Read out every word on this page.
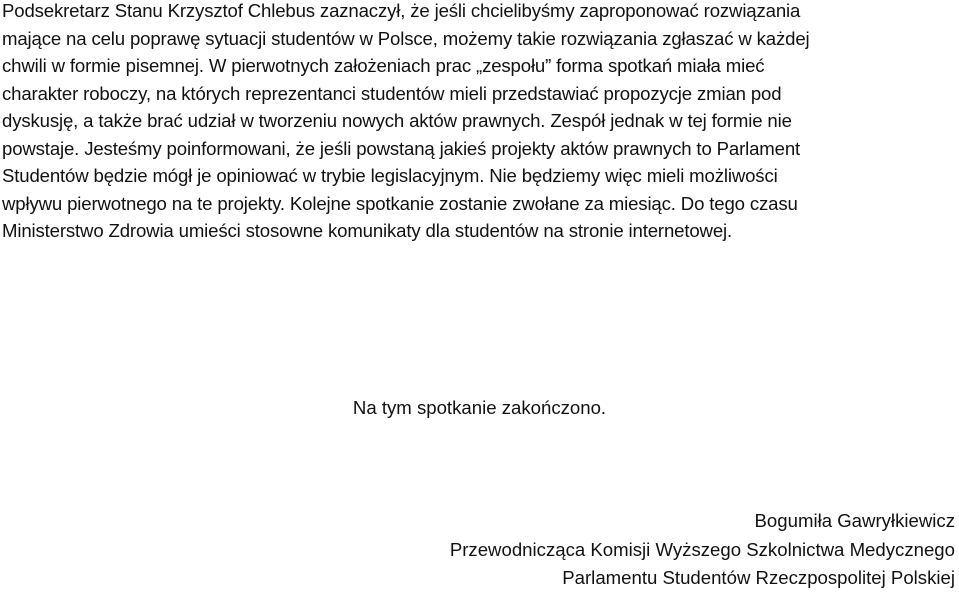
Podsekretarz Stanu Krzysztof Chlebus zaznaczył, że jeśli chcielibyśmy zaproponować rozwiązania
mające na celu poprawę sytuacji studentów w Polsce, możemy takie rozwiązania zgłaszać w każdej
chwili w formie pisemnej. W pierwotnych założeniach prac „zespołu” forma spotkań miała mieć
charakter roboczy, na których reprezentanci studentów mieli przedstawiać propozycje zmian pod
dyskusję, a także brać udział w tworzeniu nowych aktów prawnych. Zespół jednak w tej formie nie
powstaje. Jesteśmy poinformowani, że jeśli powstaną jakieś projekty aktów prawnych to Parlament
Studentów będzie mógł je opiniować w trybie legislacyjnym. Nie będziemy więc mieli możliwości
wpływu pierwotnego na te projekty. Kolejne spotkanie zostanie zwołane za miesiąc. Do tego czasu
Ministerstwo Zdrowia umieści stosowne komunikaty dla studentów na stronie internetowej.

Na tym spotkanie zakończono.

Bogumiła Gawryłkiewicz
Przewodnicząca Komisji Wyższego Szkolnictwa Medycznego
Parlamentu Studentów Rzeczpospolitej Polskiej
